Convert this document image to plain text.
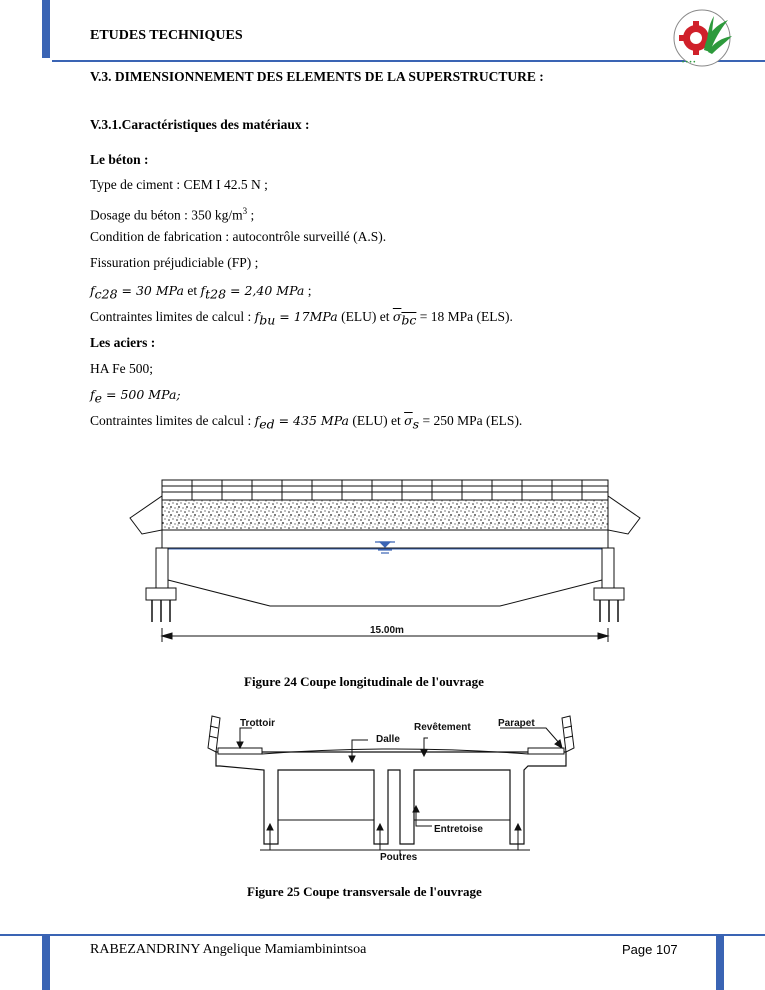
ETUDES TECHNIQUES
• • • •
V.3. DIMENSIONNEMENT DES ELEMENTS DE LA SUPERSTRUCTURE :
V.3.1.Caractéristiques des matériaux :
Le béton :
Type de ciment : CEM I 42.5 N ;
Dosage du béton : 350 $kg/m^3$ ;
Condition de fabrication : autocontrôle surveillé (A.S).
Fissuration préjudiciable (FP) ;
$f_{c28} = 30$ MPa et $f_{t28} = 2,40$ MPa ;
Contraintes limites de calcul : $f_{bu} = 17MPa$ (ELU) et $\overline{\sigma}_{\overline{bc}} = 18$ MPa (ELS).
Les aciers :
HA Fe 500;
$f_e = 500$ MPa;
Contraintes limites de calcul : $f_{ed} = 435$ MPa (ELU) et $\overline{\sigma}_s = 250$ MPa (ELS).
15.00m
Figure 24 Coupe longitudinale de l'ouvrage
Trottoir	Revêtement	Parapet
Dalle
Entretoise
Poutres
Figure 25 Coupe transversale de l'ouvrage
RABEZANDRINY Angelique Mamiambinintsoa	Page 107
